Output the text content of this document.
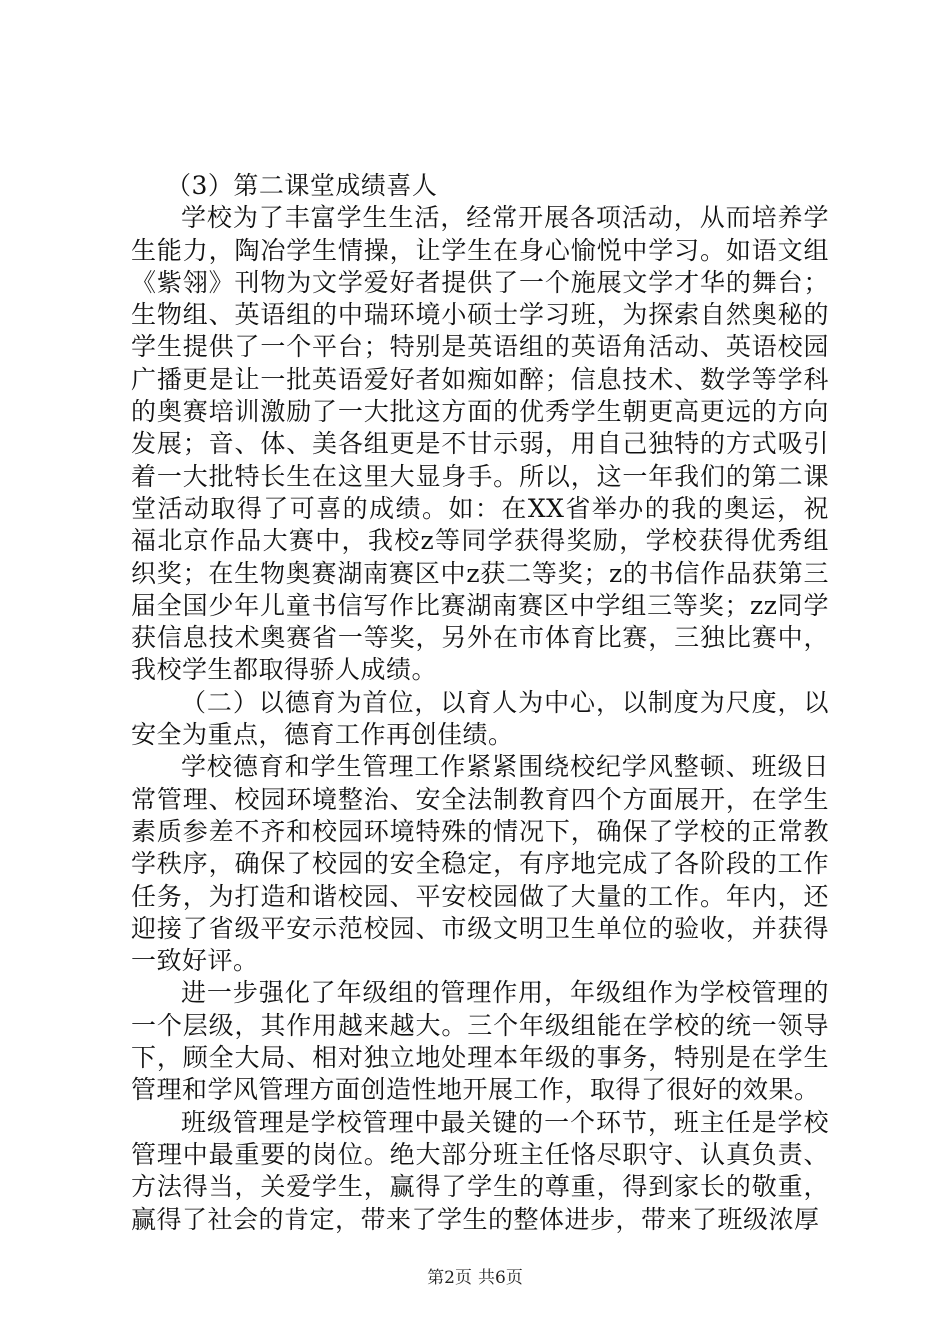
（3）第二课堂成绩喜人

学校为了丰富学生生活，经常开展各项活动，从而培养学生能力，陶冶学生情操，让学生在身心愉悦中学习。如语文组《紫翎》刊物为文学爱好者提供了一个施展文学才华的舞台；生物组、英语组的中瑞环境小硕士学习班，为探索自然奥秘的学生提供了一个平台；特别是英语组的英语角活动、英语校园广播更是让一批英语爱好者如痴如醉；信息技术、数学等学科的奥赛培训激励了一大批这方面的优秀学生朝更高更远的方向发展；音、体、美各组更是不甘示弱，用自己独特的方式吸引着一大批特长生在这里大显身手。所以，这一年我们的第二课堂活动取得了可喜的成绩。如：在XX省举办的我的奥运，祝福北京作品大赛中，我校z等同学获得奖励，学校获得优秀组织奖；在生物奥赛湖南赛区中z获二等奖；z的书信作品获第三届全国少年儿童书信写作比赛湖南赛区中学组三等奖；zz同学获信息技术奥赛省一等奖，另外在市体育比赛，三独比赛中，我校学生都取得骄人成绩。

（二）以德育为首位，以育人为中心，以制度为尺度，以安全为重点，德育工作再创佳绩。

学校德育和学生管理工作紧紧围绕校纪学风整顿、班级日常管理、校园环境整治、安全法制教育四个方面展开，在学生素质参差不齐和校园环境特殊的情况下，确保了学校的正常教学秩序，确保了校园的安全稳定，有序地完成了各阶段的工作任务，为打造和谐校园、平安校园做了大量的工作。年内，还迎接了省级平安示范校园、市级文明卫生单位的验收，并获得一致好评。

进一步强化了年级组的管理作用，年级组作为学校管理的一个层级，其作用越来越大。三个年级组能在学校的统一领导下，顾全大局、相对独立地处理本年级的事务，特别是在学生管理和学风管理方面创造性地开展工作，取得了很好的效果。

班级管理是学校管理中最关键的一个环节，班主任是学校管理中最重要的岗位。绝大部分班主任恪尽职守、认真负责、方法得当，关爱学生，赢得了学生的尊重，得到家长的敬重，赢得了社会的肯定，带来了学生的整体进步，带来了班级浓厚

第2页 共6页
